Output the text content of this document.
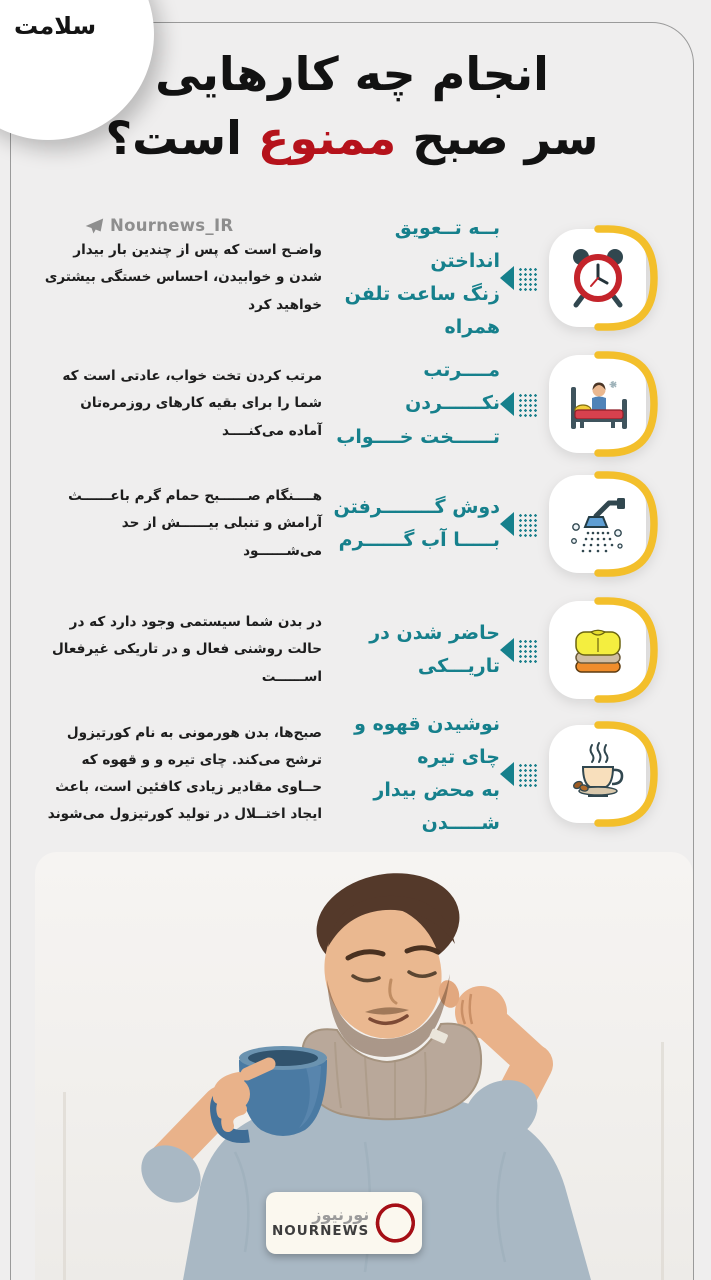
انجام چه کارهایی
سر صبح ممنوع است؟
سلامت
Nournews_IR	بــه تــعویق انداختن
زنگ ساعت تلفن همراه
واضـح است که پس از چندین بار بیدار شدن و خوابیدن، احساس خستگی بیشتری خواهید کرد
مــــرتب نکــــــردن
تــــــخت خــــواب
مرتب کردن تخت خواب، عادتی است که شما را برای بقیه کارهای روزمره‌تان آماده می‌کنــــد
دوش گــــــــرفتن
بـــــا آب گــــــرم
هــــنگام صــــــبح حمام گرم باعــــــث آرامش و تنبلی بیــــــش از حد می‌شــــــود
حاضر شدن در تاریـــکی

در بدن شما سیستمی وجود دارد که در حالت روشنی فعال و در تاریکی غیرفعال اســــــت
نوشیدن قهوه و چای تیره
به محض بیدار شـــــدن
صبح‌ها، بدن هورمونی به نام کورتیزول ترشح می‌کند. چای تیره و و قهوه که حــاوی مقادیر زیادی کافئین است، باعث ایجاد اختــلال در تولید کورتیزول می‌شوند
نورنیوز
NOURNEWS
